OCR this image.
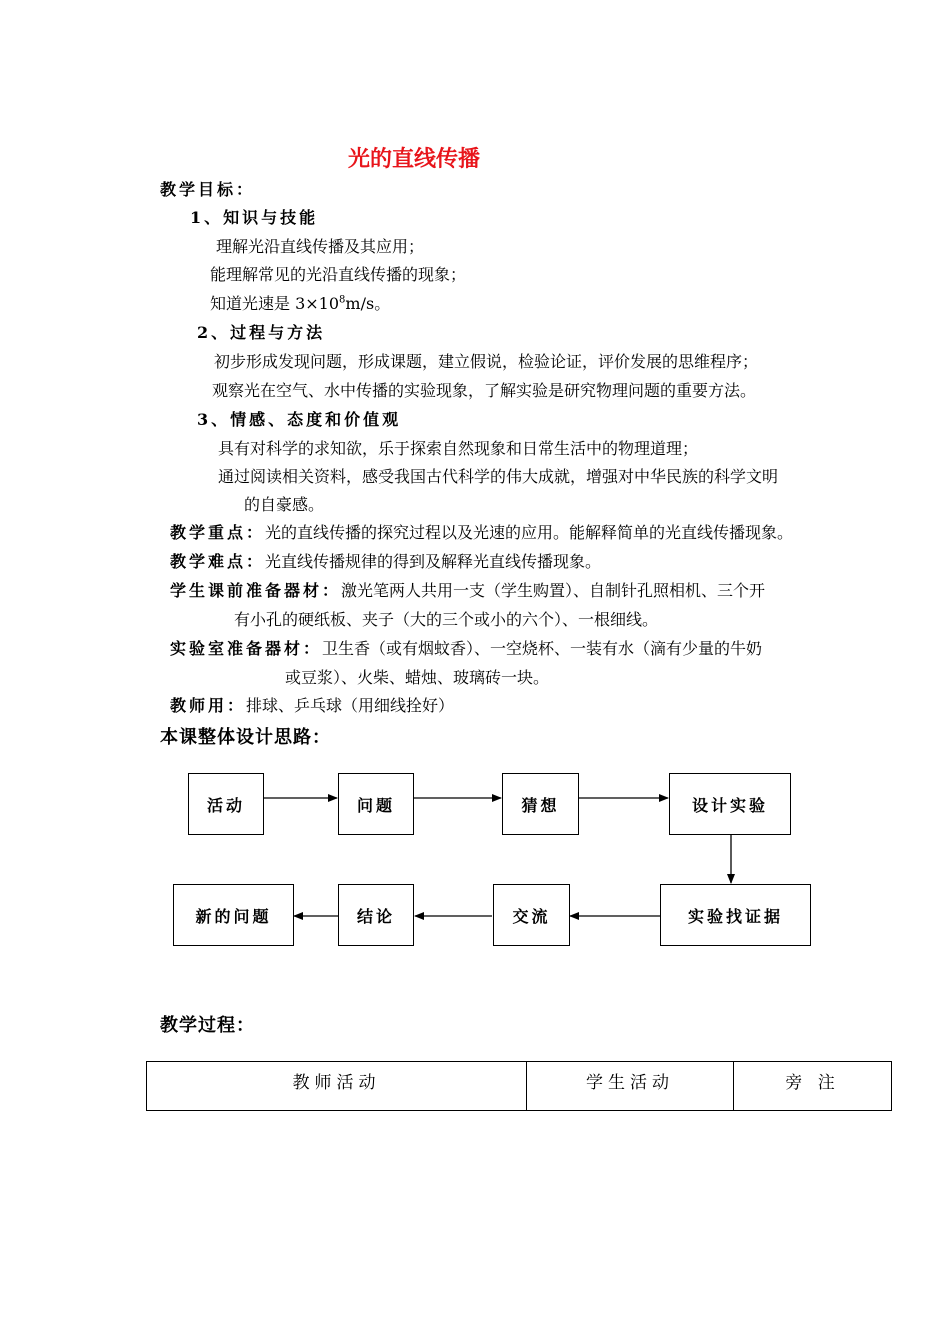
光的直线传播
教学目标：
1、知识与技能
理解光沿直线传播及其应用；
能理解常见的光沿直线传播的现象；
知道光速是 $3\times 10^8m/s$。
2、过程与方法
初步形成发现问题，形成课题，建立假说，检验论证，评价发展的思维程序；
观察光在空气、水中传播的实验现象，了解实验是研究物理问题的重要方法。
3、情感、态度和价值观
具有对科学的求知欲，乐于探索自然现象和日常生活中的物理道理；
通过阅读相关资料，感受我国古代科学的伟大成就，增强对中华民族的科学文明
的自豪感。
教学重点：光的直线传播的探究过程以及光速的应用。能解释简单的光直线传播现象。
教学难点：光直线传播规律的得到及解释光直线传播现象。
学生课前准备器材：激光笔两人共用一支（学生购置）、自制针孔照相机、三个开
有小孔的硬纸板、夹子（大的三个或小的六个）、一根细线。
实验室准备器材：卫生香（或有烟蚊香）、一空烧杯、一装有水（滴有少量的牛奶
或豆浆）、火柴、蜡烛、玻璃砖一块。
教师用：排球、乒乓球（用细线拴好）
本课整体设计思路：
活动	问题	猜想	设计实验
实验找证据
交流
结论
新的问题
教学过程：
教师活动	学生活动	旁 注
